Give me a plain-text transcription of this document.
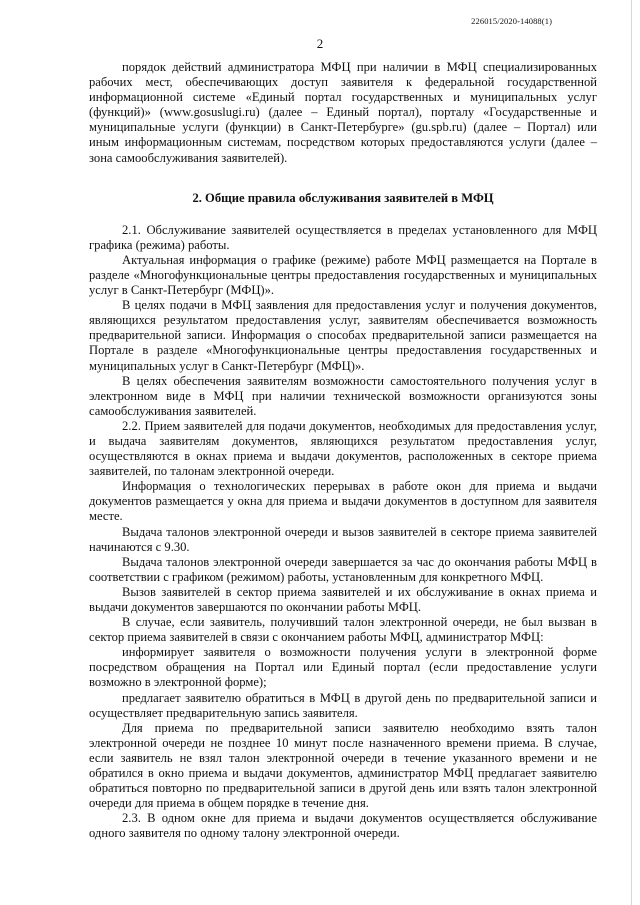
226015/2020-14088(1)
2

порядок действий администратора МФЦ при наличии в МФЦ специализированных рабочих мест, обеспечивающих доступ заявителя к федеральной государственной информационной системе «Единый портал государственных и муниципальных услуг (функций)» (www.gosuslugi.ru) (далее – Единый портал), порталу «Государственные и муниципальные услуги (функции) в Санкт-Петербурге» (gu.spb.ru) (далее – Портал) или иным информационным системам, посредством которых предоставляются услуги (далее – зона самообслуживания заявителей).

2. Общие правила обслуживания заявителей в МФЦ

2.1. Обслуживание заявителей осуществляется в пределах установленного для МФЦ графика (режима) работы.

Актуальная информация о графике (режиме) работе МФЦ размещается на Портале в разделе «Многофункциональные центры предоставления государственных и муниципальных услуг в Санкт-Петербург (МФЦ)».

В целях подачи в МФЦ заявления для предоставления услуг и получения документов, являющихся результатом предоставления услуг, заявителям обеспечивается возможность предварительной записи. Информация о способах предварительной записи размещается на Портале в разделе «Многофункциональные центры предоставления государственных и муниципальных услуг в Санкт-Петербург (МФЦ)».

В целях обеспечения заявителям возможности самостоятельного получения услуг в электронном виде в МФЦ при наличии технической возможности организуются зоны самообслуживания заявителей.

2.2. Прием заявителей для подачи документов, необходимых для предоставления услуг, и выдача заявителям документов, являющихся результатом предоставления услуг, осуществляются в окнах приема и выдачи документов, расположенных в секторе приема заявителей, по талонам электронной очереди.

Информация о технологических перерывах в работе окон для приема и выдачи документов размещается у окна для приема и выдачи документов в доступном для заявителя месте.

Выдача талонов электронной очереди и вызов заявителей в секторе приема заявителей начинаются с 9.30.

Выдача талонов электронной очереди завершается за час до окончания работы МФЦ в соответствии с графиком (режимом) работы, установленным для конкретного МФЦ.

Вызов заявителей в сектор приема заявителей и их обслуживание в окнах приема и выдачи документов завершаются по окончании работы МФЦ.

В случае, если заявитель, получивший талон электронной очереди, не был вызван в сектор приема заявителей в связи с окончанием работы МФЦ, администратор МФЦ:

информирует заявителя о возможности получения услуги в электронной форме посредством обращения на Портал или Единый портал (если предоставление услуги возможно в электронной форме);

предлагает заявителю обратиться в МФЦ в другой день по предварительной записи и осуществляет предварительную запись заявителя.

Для приема по предварительной записи заявителю необходимо взять талон электронной очереди не позднее 10 минут после назначенного времени приема. В случае, если заявитель не взял талон электронной очереди в течение указанного времени и не обратился в окно приема и выдачи документов, администратор МФЦ предлагает заявителю обратиться повторно по предварительной записи в другой день или взять талон электронной очереди для приема в общем порядке в течение дня.

2.3. В одном окне для приема и выдачи документов осуществляется обслуживание одного заявителя по одному талону электронной очереди.
